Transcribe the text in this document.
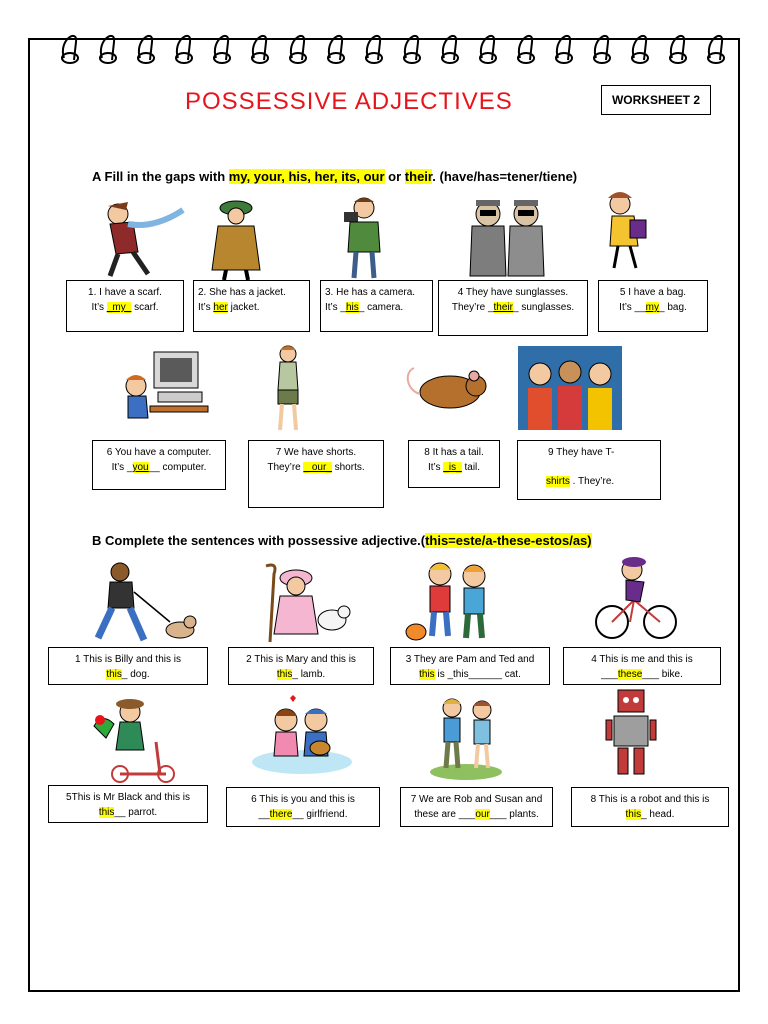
POSSESSIVE ADJECTIVES	WORKSHEET 2
A Fill in the gaps with my, your, his, her, its, our or their. (have/has=tener/tiene)
1. I have a scarf.
It’s _my_ scarf.
2. She has a jacket.
It’s her jacket.
3. He has a camera.
It’s _his_ camera.
4 They have sunglasses.
They’re _their_ sunglasses.
5 I have a bag.
It’s __my_ bag.
6 You have a computer.
It’s _you__ computer.
7 We have shorts.
They’re _ our_ shorts.
8 It has a tail.
It’s _is_ tail.
9 They have T-
shirts . They’re.
B Complete the sentences with possessive adjective.(this=este/a-these-estos/as)
1 This is Billy and this is
this_ dog.
2 This is Mary and this is
this_ lamb.
3 They are Pam and Ted and
this is _this______ cat.
4 This is me and this is
___these___ bike.
5This is Mr Black and this is
this__ parrot.
6 This is you and this is
__there__ girlfriend.
7 We are Rob and Susan and
these are ___our___ plants.
8 This is a robot and this is
this_ head.
